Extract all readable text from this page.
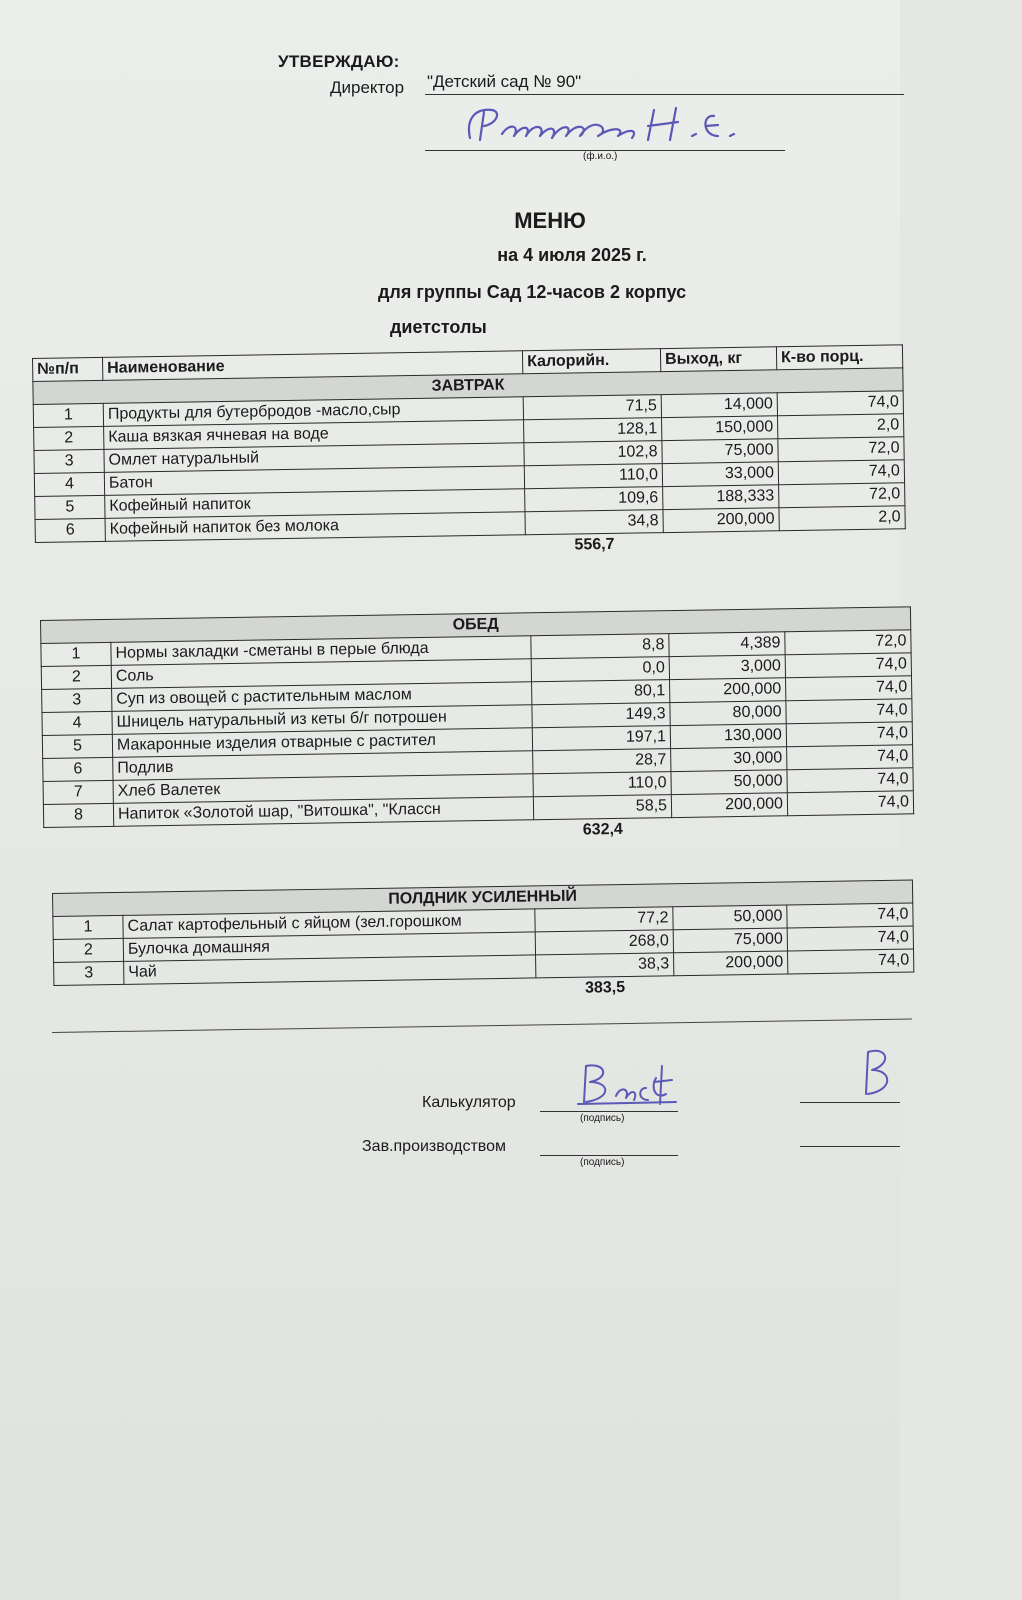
УТВЕРЖДАЮ:
Директор "Детский сад № 90"
(ф.и.о.)
МЕНЮ
на 4 июля 2025 г.
для группы Сад 12-часов 2 корпус
диетстолы
№п/п	Наименование	Калорийн.	Выход, кг	К-во порц.
ЗАВТРАК				
1	Продукты для бутербродов -масло,сыр	71,5	14,000	74,0
2	Каша вязкая ячневая на воде	128,1	150,000	2,0
3	Омлет натуральный	102,8	75,000	72,0
4	Батон	110,0	33,000	74,0
5	Кофейный напиток	109,6	188,333	72,0
6	Кофейный напиток без молока	34,8	200,000	2,0
		556,7		
ОБЕД				
1	Нормы закладки -сметаны в перые блюда	8,8	4,389	72,0
2	Соль	0,0	3,000	74,0
3	Суп из овощей с растительным маслом	80,1	200,000	74,0
4	Шницель натуральный из кеты б/г потрошен	149,3	80,000	74,0
5	Макаронные изделия отварные с растител	197,1	130,000	74,0
6	Подлив	28,7	30,000	74,0
7	Хлеб Валетек	110,0	50,000	74,0
8	Напиток «Золотой шар, "Витошка", "Классн	58,5	200,000	74,0
		632,4		
ПОЛДНИК УСИЛЕННЫЙ				
1	Салат картофельный с яйцом (зел.горошком	77,2	50,000	74,0
2	Булочка домашняя	268,0	75,000	74,0
3	Чай	38,3	200,000	74,0
		383,5		
Калькулятор
(подпись)
Зав.производством
(подпись)
